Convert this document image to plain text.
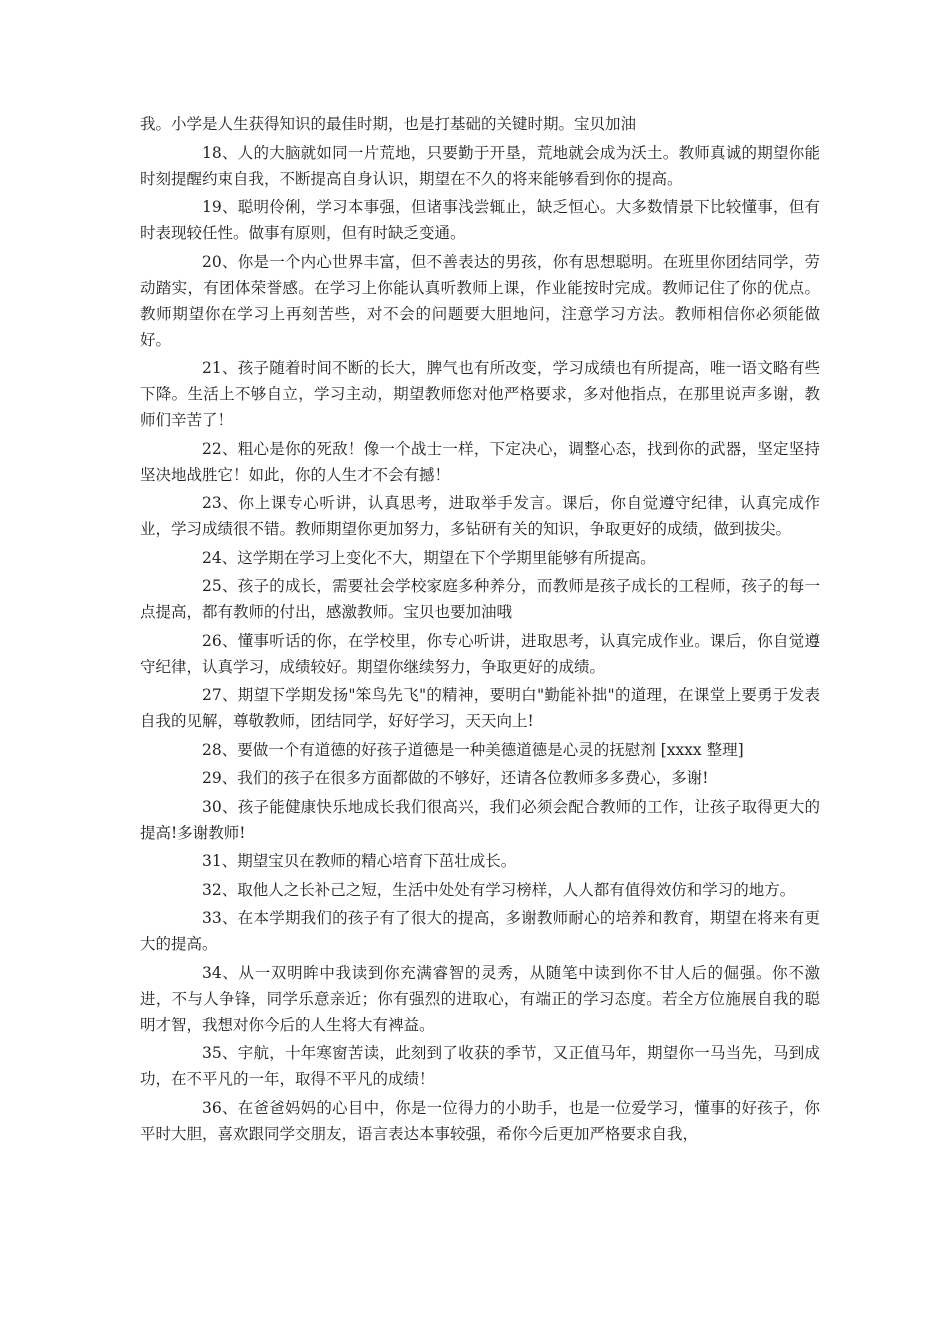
我。小学是人生获得知识的最佳时期，也是打基础的关键时期。宝贝加油

18、人的大脑就如同一片荒地，只要勤于开垦，荒地就会成为沃土。教师真诚的期望你能时刻提醒约束自我，不断提高自身认识，期望在不久的将来能够看到你的提高。

19、聪明伶俐，学习本事强，但诸事浅尝辄止，缺乏恒心。大多数情景下比较懂事，但有时表现较任性。做事有原则，但有时缺乏变通。

20、你是一个内心世界丰富，但不善表达的男孩，你有思想聪明。在班里你团结同学，劳动踏实，有团体荣誉感。在学习上你能认真听教师上课，作业能按时完成。教师记住了你的优点。教师期望你在学习上再刻苦些，对不会的问题要大胆地问，注意学习方法。教师相信你必须能做好。

21、孩子随着时间不断的长大，脾气也有所改变，学习成绩也有所提高，唯一语文略有些下降。生活上不够自立，学习主动，期望教师您对他严格要求，多对他指点，在那里说声多谢，教师们辛苦了！

22、粗心是你的死敌！像一个战士一样，下定决心，调整心态，找到你的武器，坚定坚持坚决地战胜它！如此，你的人生才不会有撼！

23、你上课专心听讲，认真思考，进取举手发言。课后，你自觉遵守纪律，认真完成作业，学习成绩很不错。教师期望你更加努力，多钻研有关的知识，争取更好的成绩，做到拔尖。

24、这学期在学习上变化不大，期望在下个学期里能够有所提高。

25、孩子的成长，需要社会学校家庭多种养分，而教师是孩子成长的工程师，孩子的每一点提高，都有教师的付出，感激教师。宝贝也要加油哦

26、懂事听话的你，在学校里，你专心听讲，进取思考，认真完成作业。课后，你自觉遵守纪律，认真学习，成绩较好。期望你继续努力，争取更好的成绩。

27、期望下学期发扬"笨鸟先飞"的精神，要明白"勤能补拙"的道理，在课堂上要勇于发表自我的见解，尊敬教师，团结同学，好好学习，天天向上!

28、要做一个有道德的好孩子道德是一种美德道德是心灵的抚慰剂 [xxxx 整理]

29、我们的孩子在很多方面都做的不够好，还请各位教师多多费心，多谢!

30、孩子能健康快乐地成长我们很高兴，我们必须会配合教师的工作，让孩子取得更大的提高!多谢教师!

31、期望宝贝在教师的精心培育下茁壮成长。

32、取他人之长补己之短，生活中处处有学习榜样，人人都有值得效仿和学习的地方。

33、在本学期我们的孩子有了很大的提高，多谢教师耐心的培养和教育，期望在将来有更大的提高。

34、从一双明眸中我读到你充满睿智的灵秀，从随笔中读到你不甘人后的倔强。你不激进，不与人争锋，同学乐意亲近；你有强烈的进取心，有端正的学习态度。若全方位施展自我的聪明才智，我想对你今后的人生将大有裨益。

35、宇航，十年寒窗苦读，此刻到了收获的季节，又正值马年，期望你一马当先，马到成功，在不平凡的一年，取得不平凡的成绩！

36、在爸爸妈妈的心目中，你是一位得力的小助手，也是一位爱学习，懂事的好孩子，你平时大胆，喜欢跟同学交朋友，语言表达本事较强，希你今后更加严格要求自我，
